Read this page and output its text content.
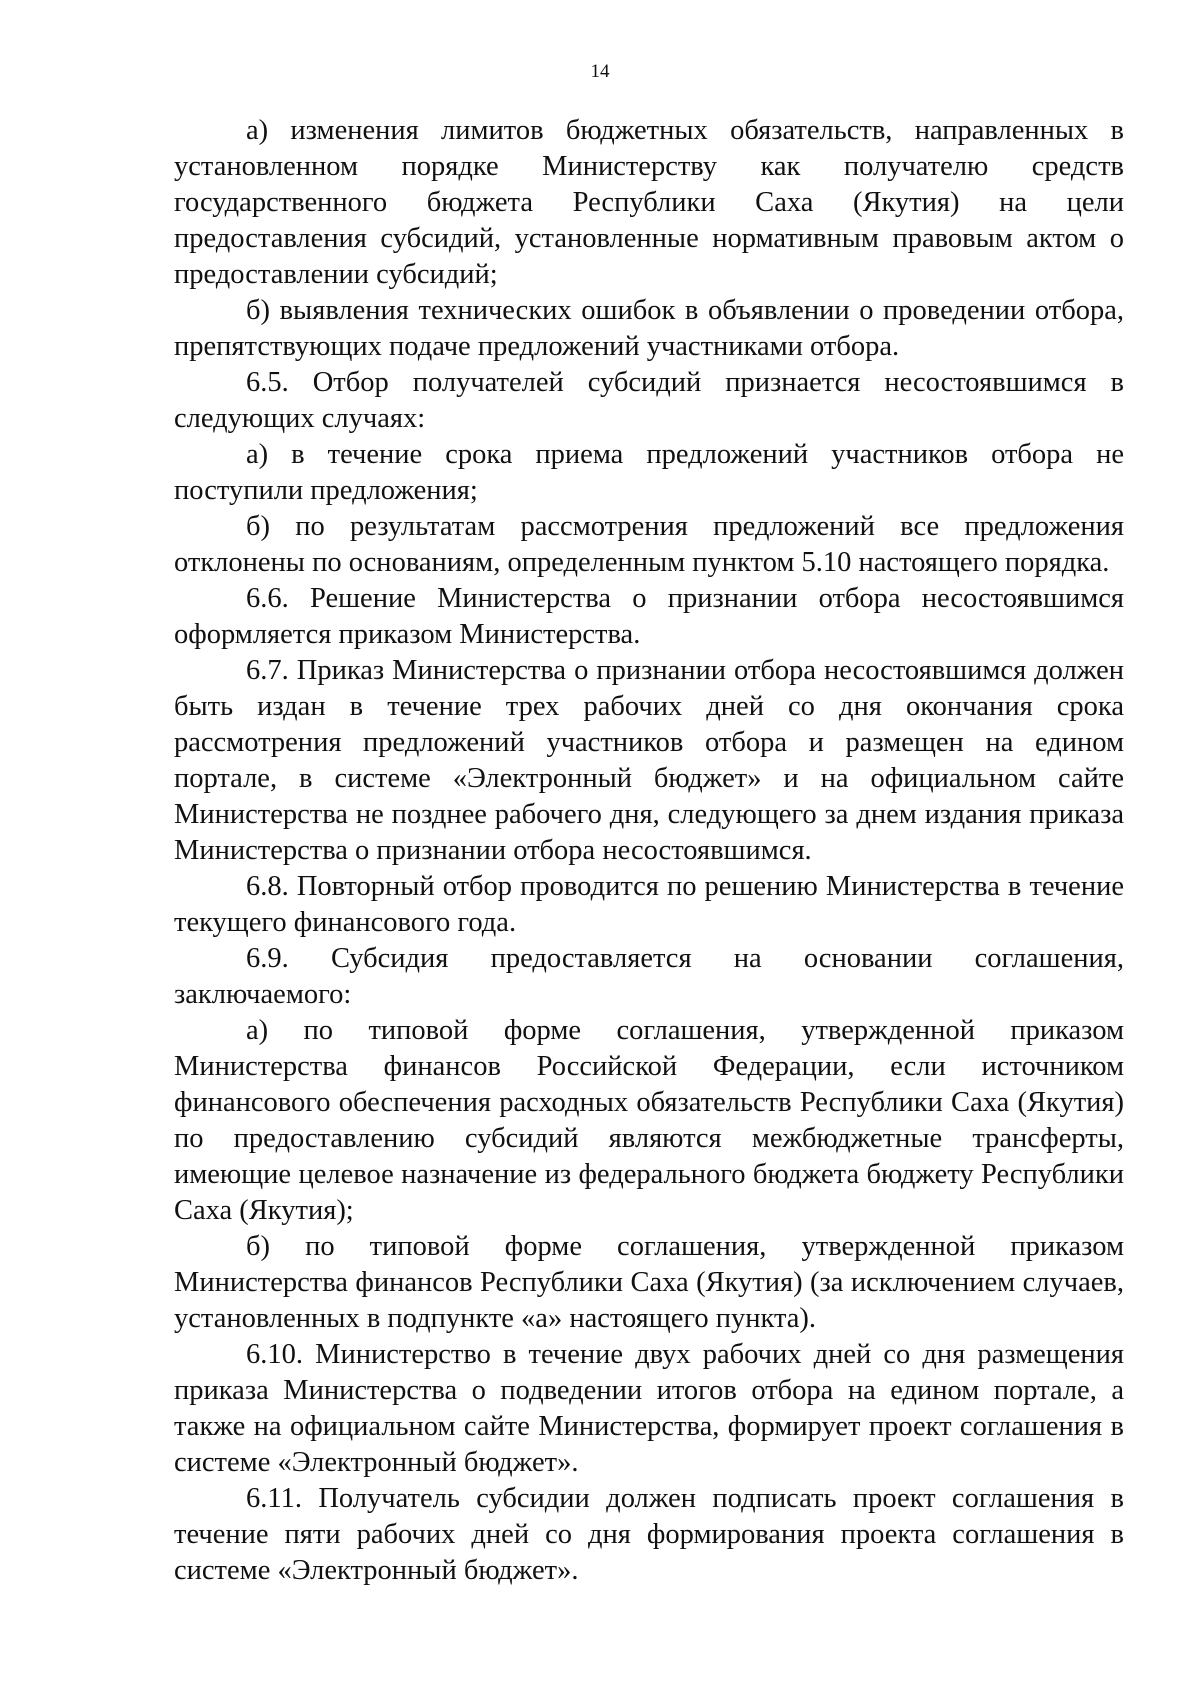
14

а) изменения лимитов бюджетных обязательств, направленных в установленном порядке Министерству как получателю средств государственного бюджета Республики Саха (Якутия) на цели предоставления субсидий, установленные нормативным правовым актом о предоставлении субсидий;

б) выявления технических ошибок в объявлении о проведении отбора, препятствующих подаче предложений участниками отбора.

6.5. Отбор получателей субсидий признается несостоявшимся в следующих случаях:

а) в течение срока приема предложений участников отбора не поступили предложения;

б) по результатам рассмотрения предложений все предложения отклонены по основаниям, определенным пунктом 5.10 настоящего порядка.

6.6. Решение Министерства о признании отбора несостоявшимся оформляется приказом Министерства.

6.7. Приказ Министерства о признании отбора несостоявшимся должен быть издан в течение трех рабочих дней со дня окончания срока рассмотрения предложений участников отбора и размещен на едином портале, в системе «Электронный бюджет» и на официальном сайте Министерства не позднее рабочего дня, следующего за днем издания приказа Министерства о признании отбора несостоявшимся.

6.8. Повторный отбор проводится по решению Министерства в течение текущего финансового года.

6.9. Субсидия предоставляется на основании соглашения, заключаемого:

а) по типовой форме соглашения, утвержденной приказом Министерства финансов Российской Федерации, если источником финансового обеспечения расходных обязательств Республики Саха (Якутия) по предоставлению субсидий являются межбюджетные трансферты, имеющие целевое назначение из федерального бюджета бюджету Республики Саха (Якутия);

б) по типовой форме соглашения, утвержденной приказом Министерства финансов Республики Саха (Якутия) (за исключением случаев, установленных в подпункте «а» настоящего пункта).

6.10. Министерство в течение двух рабочих дней со дня размещения приказа Министерства о подведении итогов отбора на едином портале, а также на официальном сайте Министерства, формирует проект соглашения в системе «Электронный бюджет».

6.11. Получатель субсидии должен подписать проект соглашения в течение пяти рабочих дней со дня формирования проекта соглашения в системе «Электронный бюджет».
